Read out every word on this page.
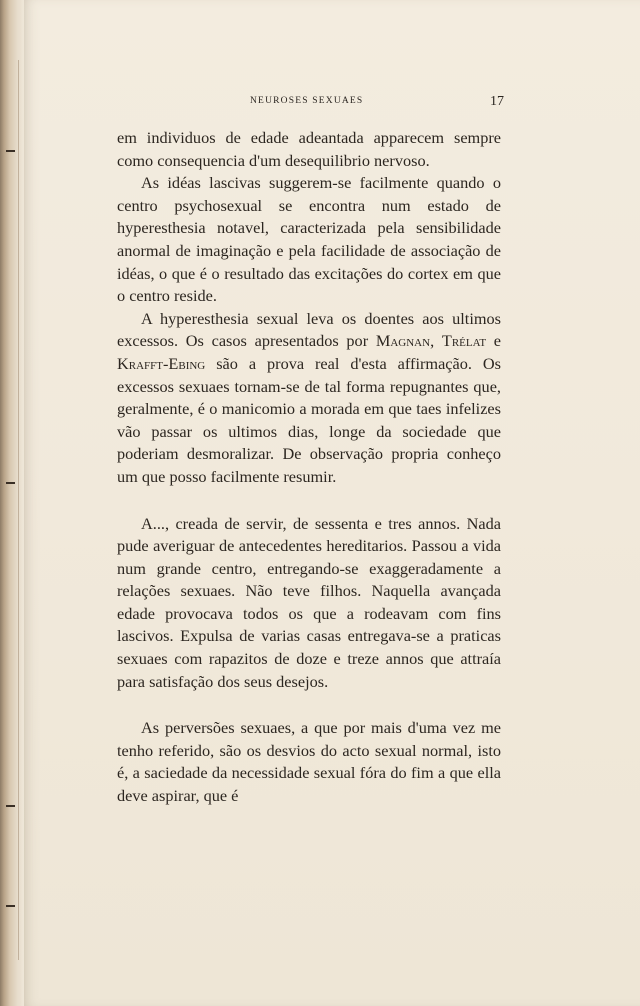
NEUROSES SEXUAES	17

em individuos de edade adeantada apparecem sempre como consequencia d'um desequilibrio nervoso.

As idéas lascivas suggerem-se facilmente quando o centro psychosexual se encontra num estado de hyperesthesia notavel, caracterizada pela sensibilidade anormal de imaginação e pela facilidade de associação de idéas, o que é o resultado das excitações do cortex em que o centro reside.

A hyperesthesia sexual leva os doentes aos ultimos excessos. Os casos apresentados por Magnan, Trélat e Krafft-Ebing são a prova real d'esta affirmação. Os excessos sexuaes tornam-se de tal forma repugnantes que, geralmente, é o manicomio a morada em que taes infelizes vão passar os ultimos dias, longe da sociedade que poderiam desmoralizar. De observação propria conheço um que posso facilmente resumir.

A..., creada de servir, de sessenta e tres annos. Nada pude averiguar de antecedentes hereditarios. Passou a vida num grande centro, entregando-se exaggeradamente a relações sexuaes. Não teve filhos. Naquella avançada edade provocava todos os que a rodeavam com fins lascivos. Expulsa de varias casas entregava-se a praticas sexuaes com rapazitos de doze e treze annos que attraía para satisfação dos seus desejos.

As perversões sexuaes, a que por mais d'uma vez me tenho referido, são os desvios do acto sexual normal, isto é, a saciedade da necessidade sexual fóra do fim a que ella deve aspirar, que é
